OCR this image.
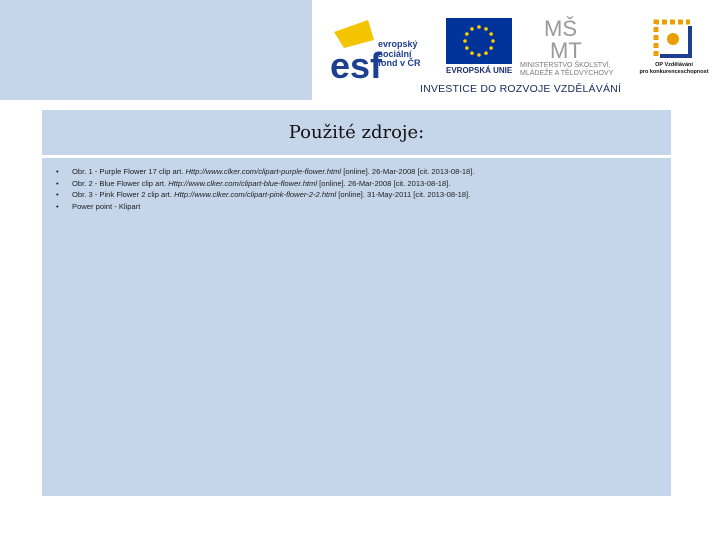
esf
evropský
sociální
fond v ČR
EVROPSKÁ UNIE
MŠ
MT
MINISTERSTVO ŠKOLSTVÍ,
MLÁDEŽE A TĚLOVÝCHOVY
OP Vzdělávání
pro konkurenceschopnost
INVESTICE DO ROZVOJE VZDĚLÁVÁNÍ
Použité zdroje:
• Obr. 1 - Purple Flower 17 clip art. Http://www.clker.com/clipart-purple-flower.html [online]. 26-Mar-2008 [cit. 2013-08-18].
• Obr. 2 - Blue Flower clip art. Http://www.clker.com/clipart-blue-flower.html [online]. 26-Mar-2008 [cit. 2013-08-18].
• Obr. 3 - Pink Flower 2 clip art. Http://www.clker.com/clipart-pink-flower-2-2.html [online]. 31-May-2011 [cit. 2013-08-18].
• Power point - Klipart
